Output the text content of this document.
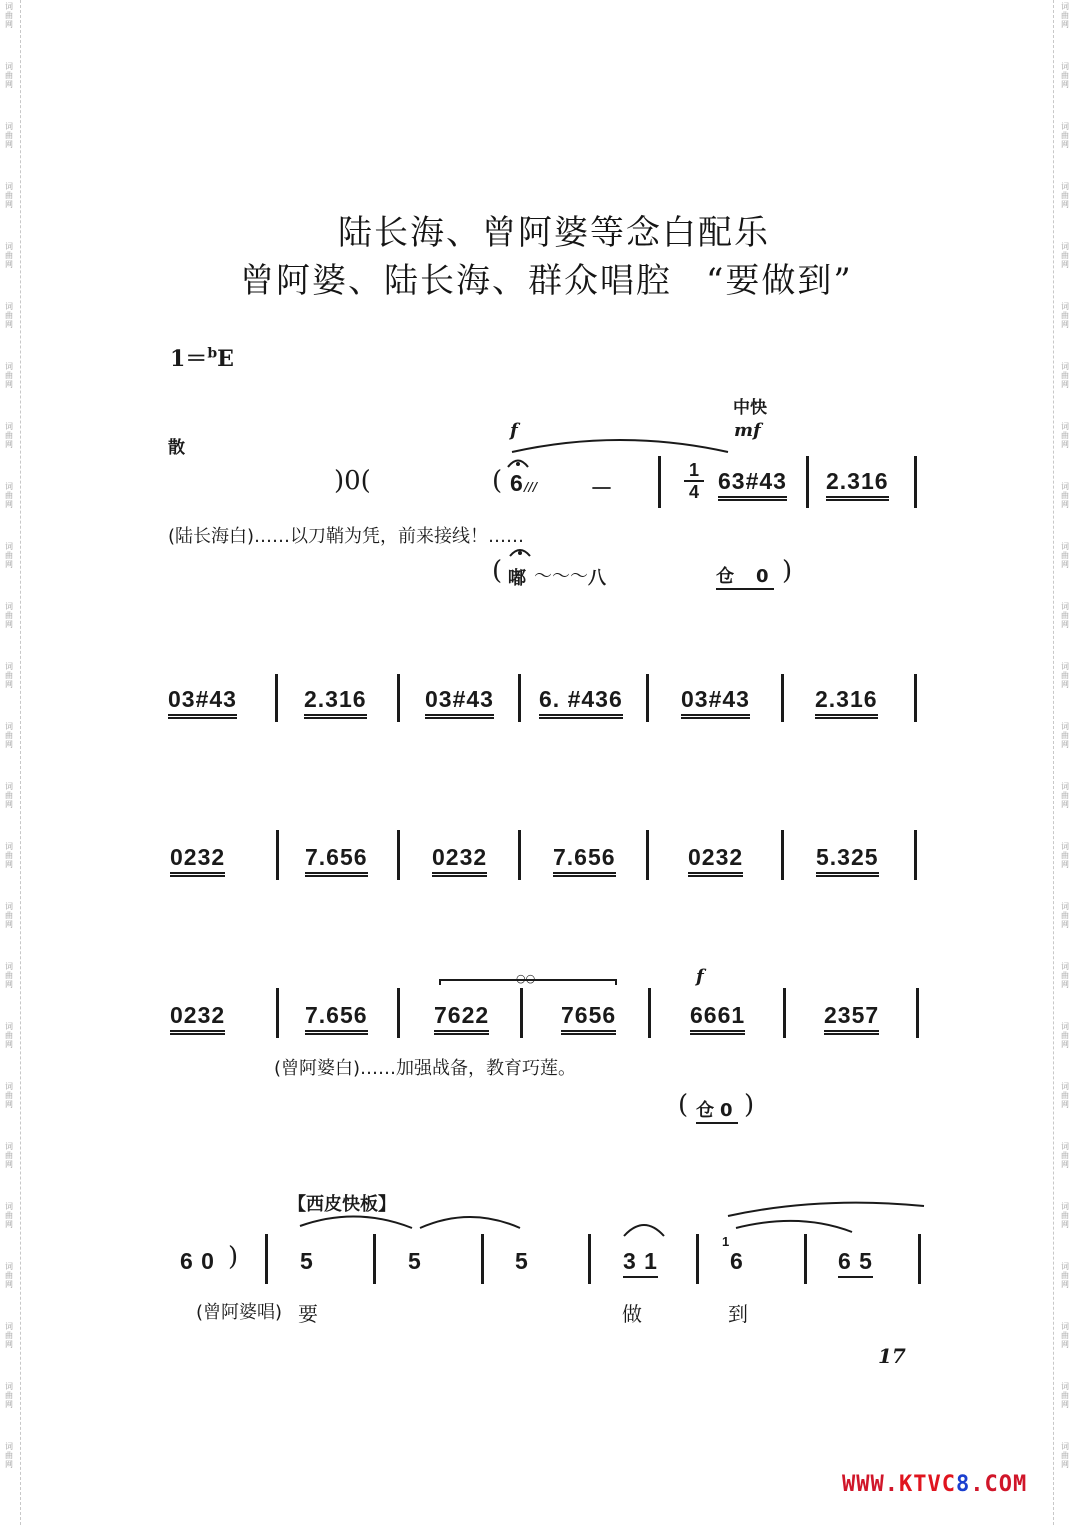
词
曲
网
词
曲
网
词
曲
网
词
曲
网
词
曲
网
词
曲
网
词
曲
网
词
曲
网
词
曲
网
词
曲
网
词
曲
网
词
曲
网
词
曲
网
词
曲
网
词
曲
网
词
曲
网
词
曲
网
词
曲
网
词
曲
网
词
曲
网
词
曲
网
词
曲
网
词
曲
网
词
曲
网
词
曲
网
词
曲
网
词
曲
网
词
曲
网
词
曲
网
词
曲
网
词
曲
网
词
曲
网
词
曲
网
词
曲
网
词
曲
网
词
曲
网
词
曲
网
词
曲
网
词
曲
网
词
曲
网
词
曲
网
词
曲
网
词
曲
网
词
曲
网
词
曲
网
词
曲
网
词
曲
网
词
曲
网
词
曲
网
词
曲
网
陆长海、曾阿婆等念白配乐
曾阿婆、陆长海、群众唱腔 “要做到”
1＝$^b$E
散
中快
f	mf
)0(	( 6 /// －	$\frac{1}{4}$ 63#43 2.316
(陆长海白)……以刀鞘为凭，前来接线！……
( 嘟 ～～～ 八	仓 0 )
03#43	2.316	03#43 6. #436	03#43	2.316
0232	7.656	0232	7.656	0232	5.325
○○	f
0232	7.656	7622	7656	6661	2357
(曾阿婆白)……加强战备，教育巧莲。
( 仓 0 )
【西皮快板】
6 0 )	5	5	5	3 1
1
6	6 5
(曾阿婆唱) 要	做	到
17
WWW.KTVC8.COM
